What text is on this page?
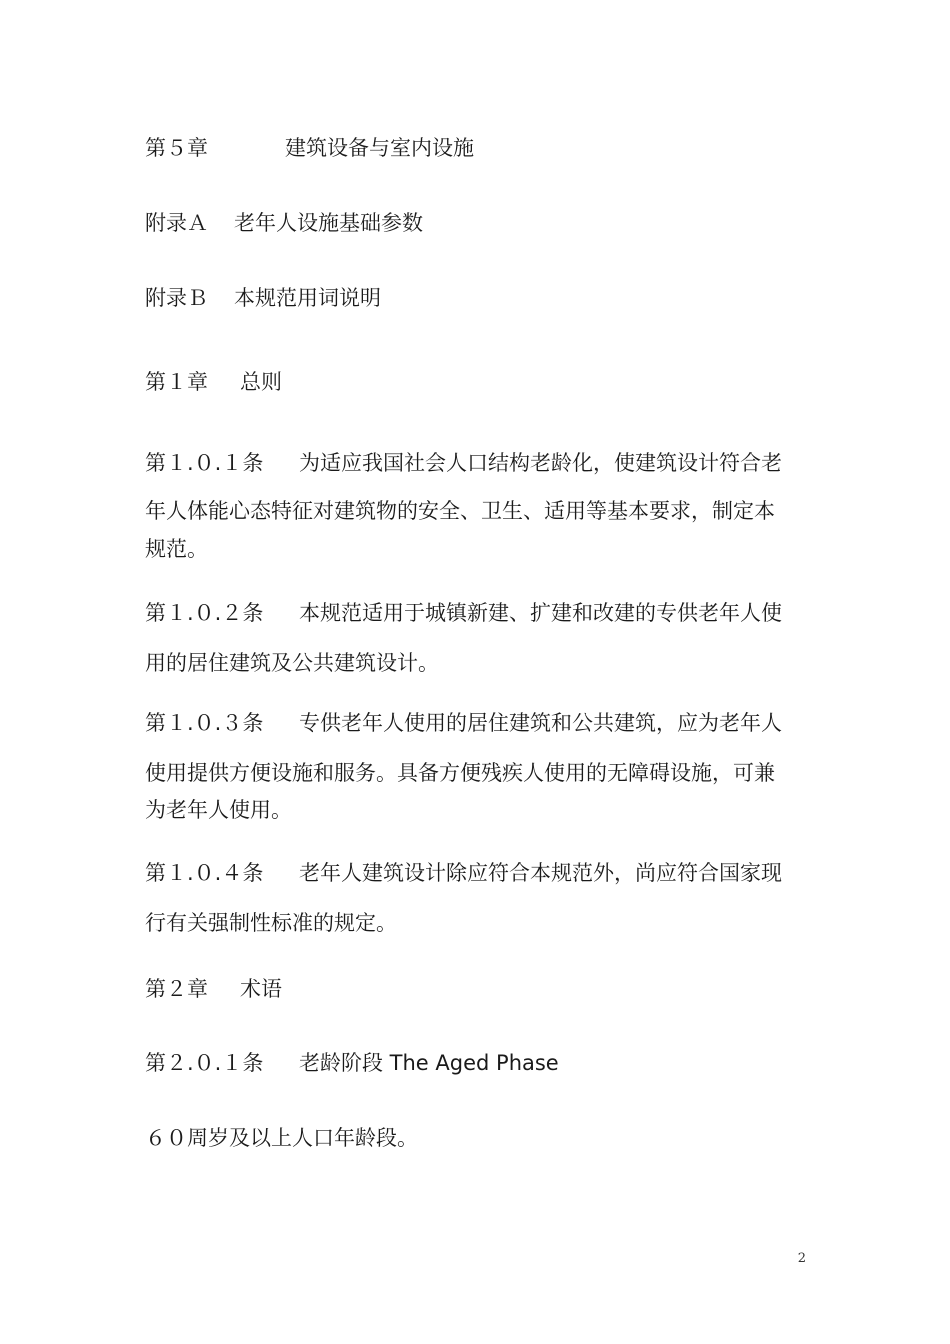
第５章	建筑设备与室内设施
附录Ａ 老年人设施基础参数
附录Ｂ 本规范用词说明
第１章 总则
第１.０.１条 为适应我国社会人口结构老龄化，使建筑设计符合老
年人体能心态特征对建筑物的安全、卫生、适用等基本要求，制定本
规范。
第１.０.２条 本规范适用于城镇新建、扩建和改建的专供老年人使
用的居住建筑及公共建筑设计。
第１.０.３条 专供老年人使用的居住建筑和公共建筑，应为老年人
使用提供方便设施和服务。具备方便残疾人使用的无障碍设施，可兼
为老年人使用。
第１.０.４条 老年人建筑设计除应符合本规范外，尚应符合国家现
行有关强制性标准的规定。
第２章 术语
第２.０.１条 老龄阶段 The Aged Phase
６０周岁及以上人口年龄段。
2
